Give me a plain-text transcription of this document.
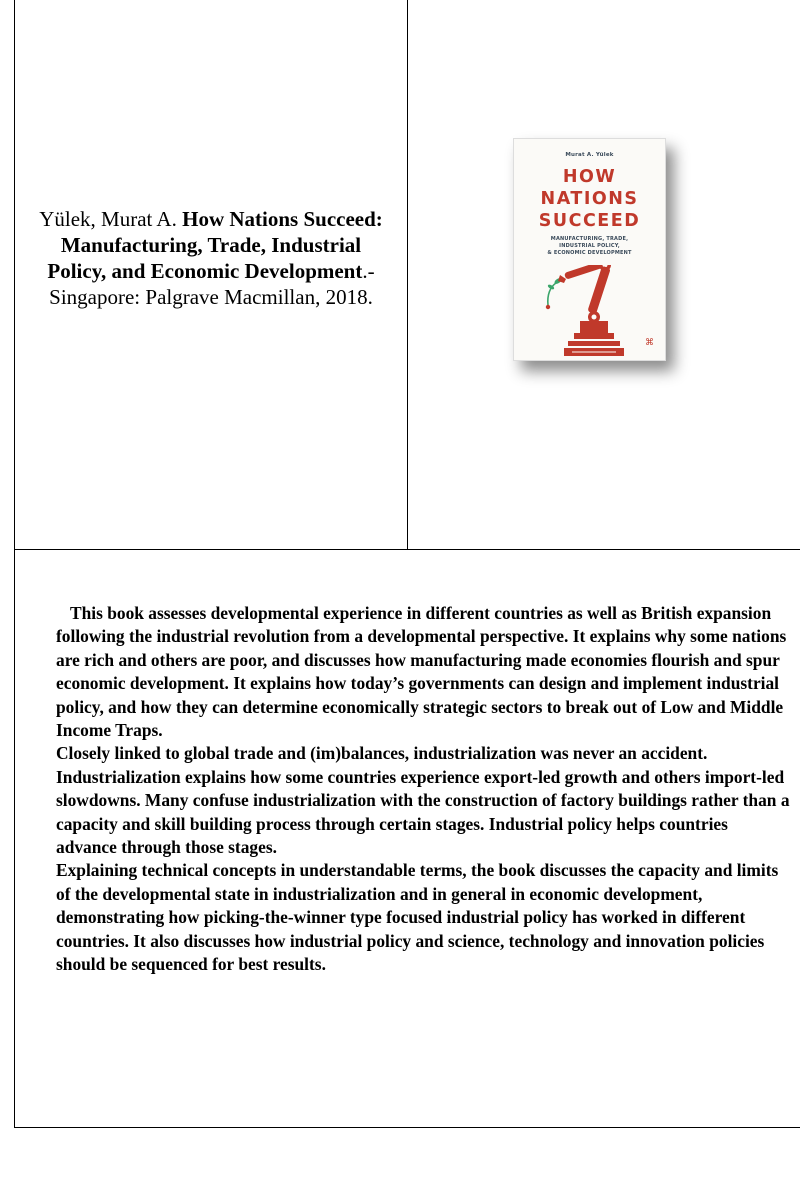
Yülek, Murat A. How Nations Succeed: Manufacturing, Trade, Industrial Policy, and Economic Development.-Singapore: Palgrave Macmillan, 2018.
Murat A. Yülek
HOW
NATIONS
SUCCEED
MANUFACTURING, TRADE,
INDUSTRIAL POLICY,
& ECONOMIC DEVELOPMENT
⌘

This book assesses developmental experience in different countries as well as British expansion following the industrial revolution from a developmental perspective. It explains why some nations are rich and others are poor, and discusses how manufacturing made economies flourish and spur economic development. It explains how today’s governments can design and implement industrial policy, and how they can determine economically strategic sectors to break out of Low and Middle Income Traps.

Closely linked to global trade and (im)balances, industrialization was never an accident. Industrialization explains how some countries experience export-led growth and others import-led slowdowns. Many confuse industrialization with the construction of factory buildings rather than a capacity and skill building process through certain stages. Industrial policy helps countries advance through those stages.

Explaining technical concepts in understandable terms, the book discusses the capacity and limits of the developmental state in industrialization and in general in economic development, demonstrating how picking-the-winner type focused industrial policy has worked in different countries. It also discusses how industrial policy and science, technology and innovation policies should be sequenced for best results.
